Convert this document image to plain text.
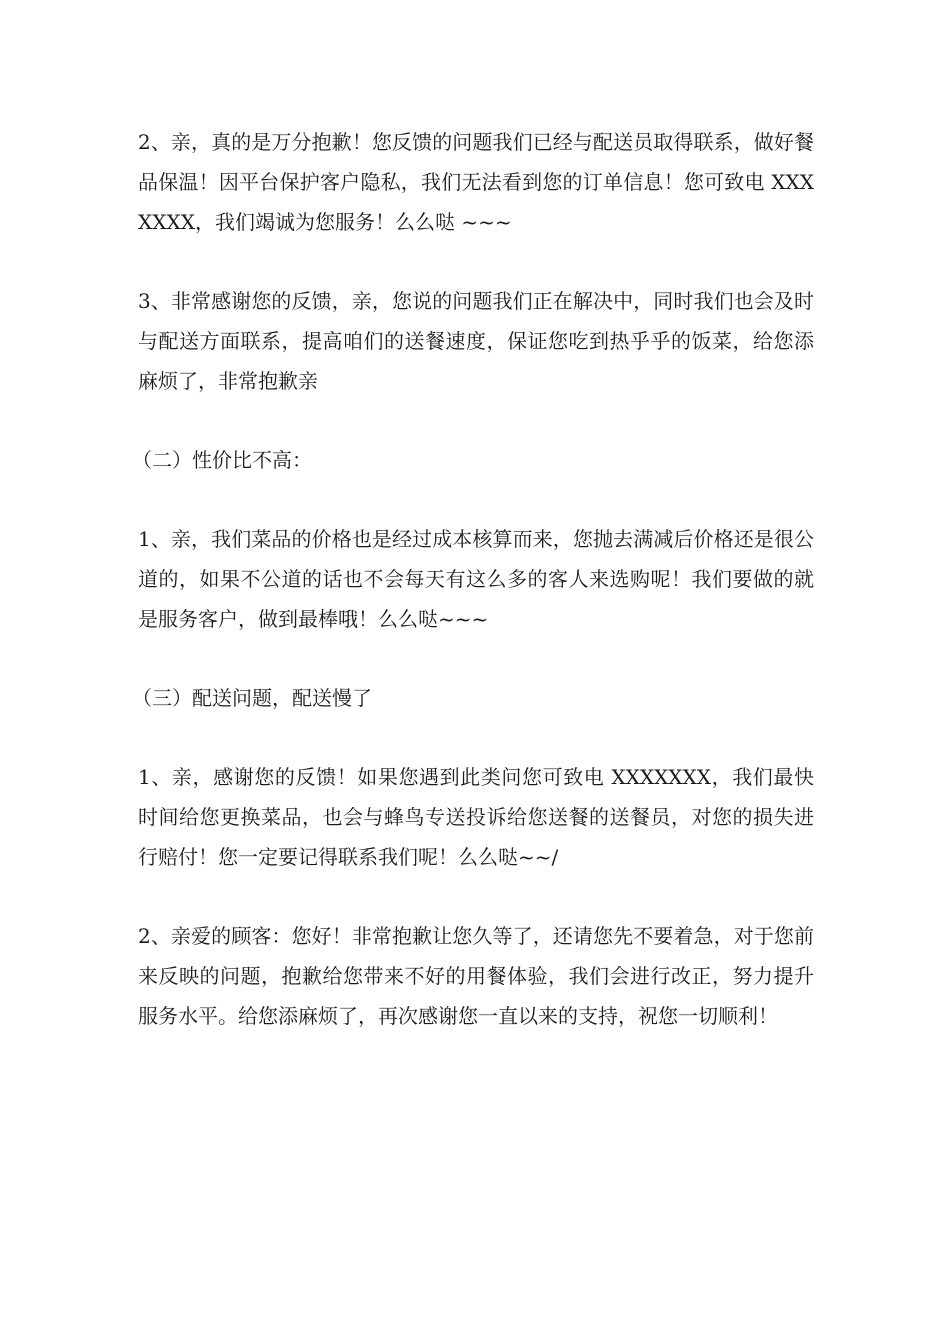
2、亲，真的是万分抱歉！您反馈的问题我们已经与配送员取得联系，做好餐品保温！因平台保护客户隐私，我们无法看到您的订单信息！您可致电 XXXXXXX，我们竭诚为您服务！么么哒 ~~~

3、非常感谢您的反馈，亲，您说的问题我们正在解决中，同时我们也会及时与配送方面联系，提高咱们的送餐速度，保证您吃到热乎乎的饭菜，给您添麻烦了，非常抱歉亲

（二）性价比不高：

1、亲，我们菜品的价格也是经过成本核算而来，您抛去满减后价格还是很公道的，如果不公道的话也不会每天有这么多的客人来选购呢！我们要做的就是服务客户，做到最棒哦！么么哒~~~

（三）配送问题，配送慢了

1、亲，感谢您的反馈！如果您遇到此类问您可致电 XXXXXXX，我们最快时间给您更换菜品，也会与蜂鸟专送投诉给您送餐的送餐员，对您的损失进行赔付！您一定要记得联系我们呢！么么哒~~/

2、亲爱的顾客：您好！非常抱歉让您久等了，还请您先不要着急，对于您前来反映的问题，抱歉给您带来不好的用餐体验，我们会进行改正，努力提升服务水平。给您添麻烦了，再次感谢您一直以来的支持，祝您一切顺利！
